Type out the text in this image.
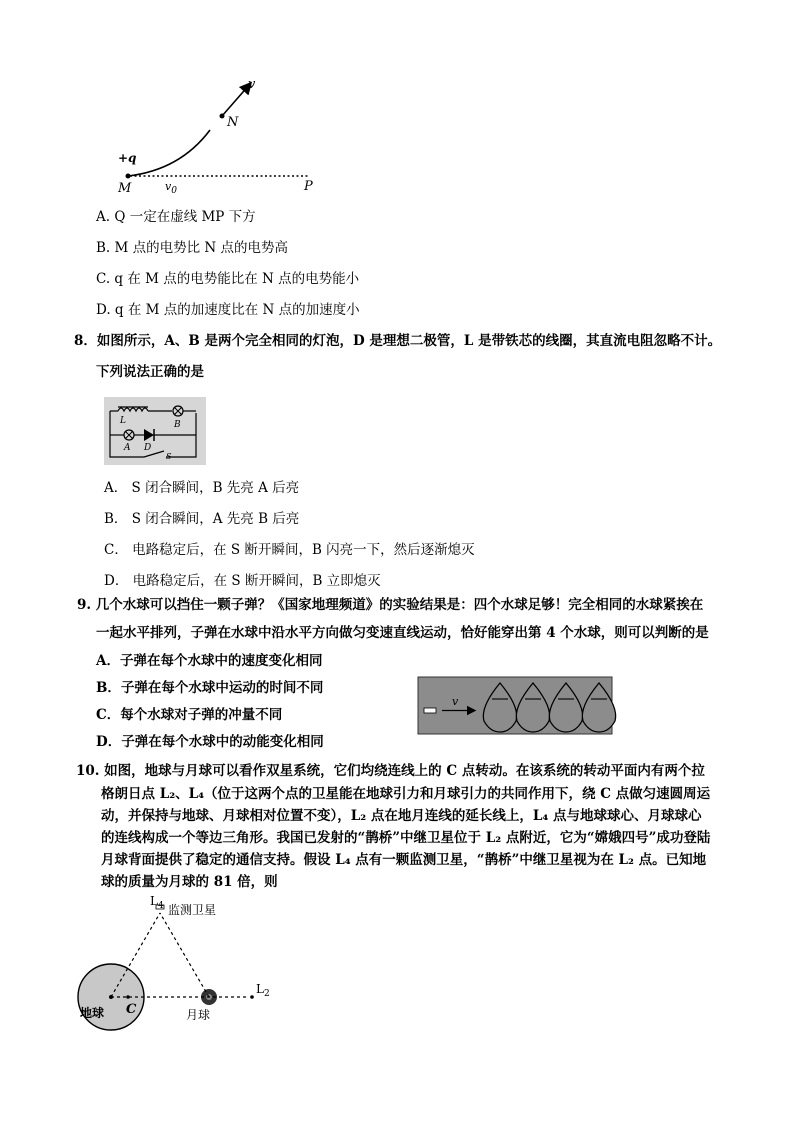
v
N
+q
M	$v_0$	P
A. Q 一定在虚线 MP 下方
B. M 点的电势比 N 点的电势高
C. q 在 M 点的电势能比在 N 点的电势能小
D. q 在 M 点的加速度比在 N 点的加速度小
8．如图所示，A、B 是两个完全相同的灯泡，D 是理想二极管，L 是带铁芯的线圈，其直流电阻忽略不计。
下列说法正确的是
L
A D
B
S
A． S 闭合瞬间，B 先亮 A 后亮
B． S 闭合瞬间，A 先亮 B 后亮
C． 电路稳定后，在 S 断开瞬间，B 闪亮一下，然后逐渐熄灭
D． 电路稳定后，在 S 断开瞬间，B 立即熄灭
9. 几个水球可以挡住一颗子弹？《国家地理频道》的实验结果是：四个水球足够！完全相同的水球紧挨在
一起水平排列，子弹在水球中沿水平方向做匀变速直线运动，恰好能穿出第 4 个水球，则可以判断的是
A．子弹在每个水球中的速度变化相同
B．子弹在每个水球中运动的时间不同
C．每个水球对子弹的冲量不同
D．子弹在每个水球中的动能变化相同
v
10. 如图，地球与月球可以看作双星系统，它们均绕连线上的 C 点转动。在该系统的转动平面内有两个拉
格朗日点 L₂、L₄（位于这两个点的卫星能在地球引力和月球引力的共同作用下，绕 C 点做匀速圆周运
动，并保持与地球、月球相对位置不变），L₂ 点在地月连线的延长线上，L₄ 点与地球球心、月球球心
的连线构成一个等边三角形。我国已发射的“鹊桥”中继卫星位于 L₂ 点附近，它为“嫦娥四号”成功登陆
月球背面提供了稳定的通信支持。假设 L₄ 点有一颗监测卫星，“鹊桥”中继卫星视为在 L₂ 点。已知地
球的质量为月球的 81 倍，则
$L_4$ 监测卫星
地球 C	月球
$L_2$
